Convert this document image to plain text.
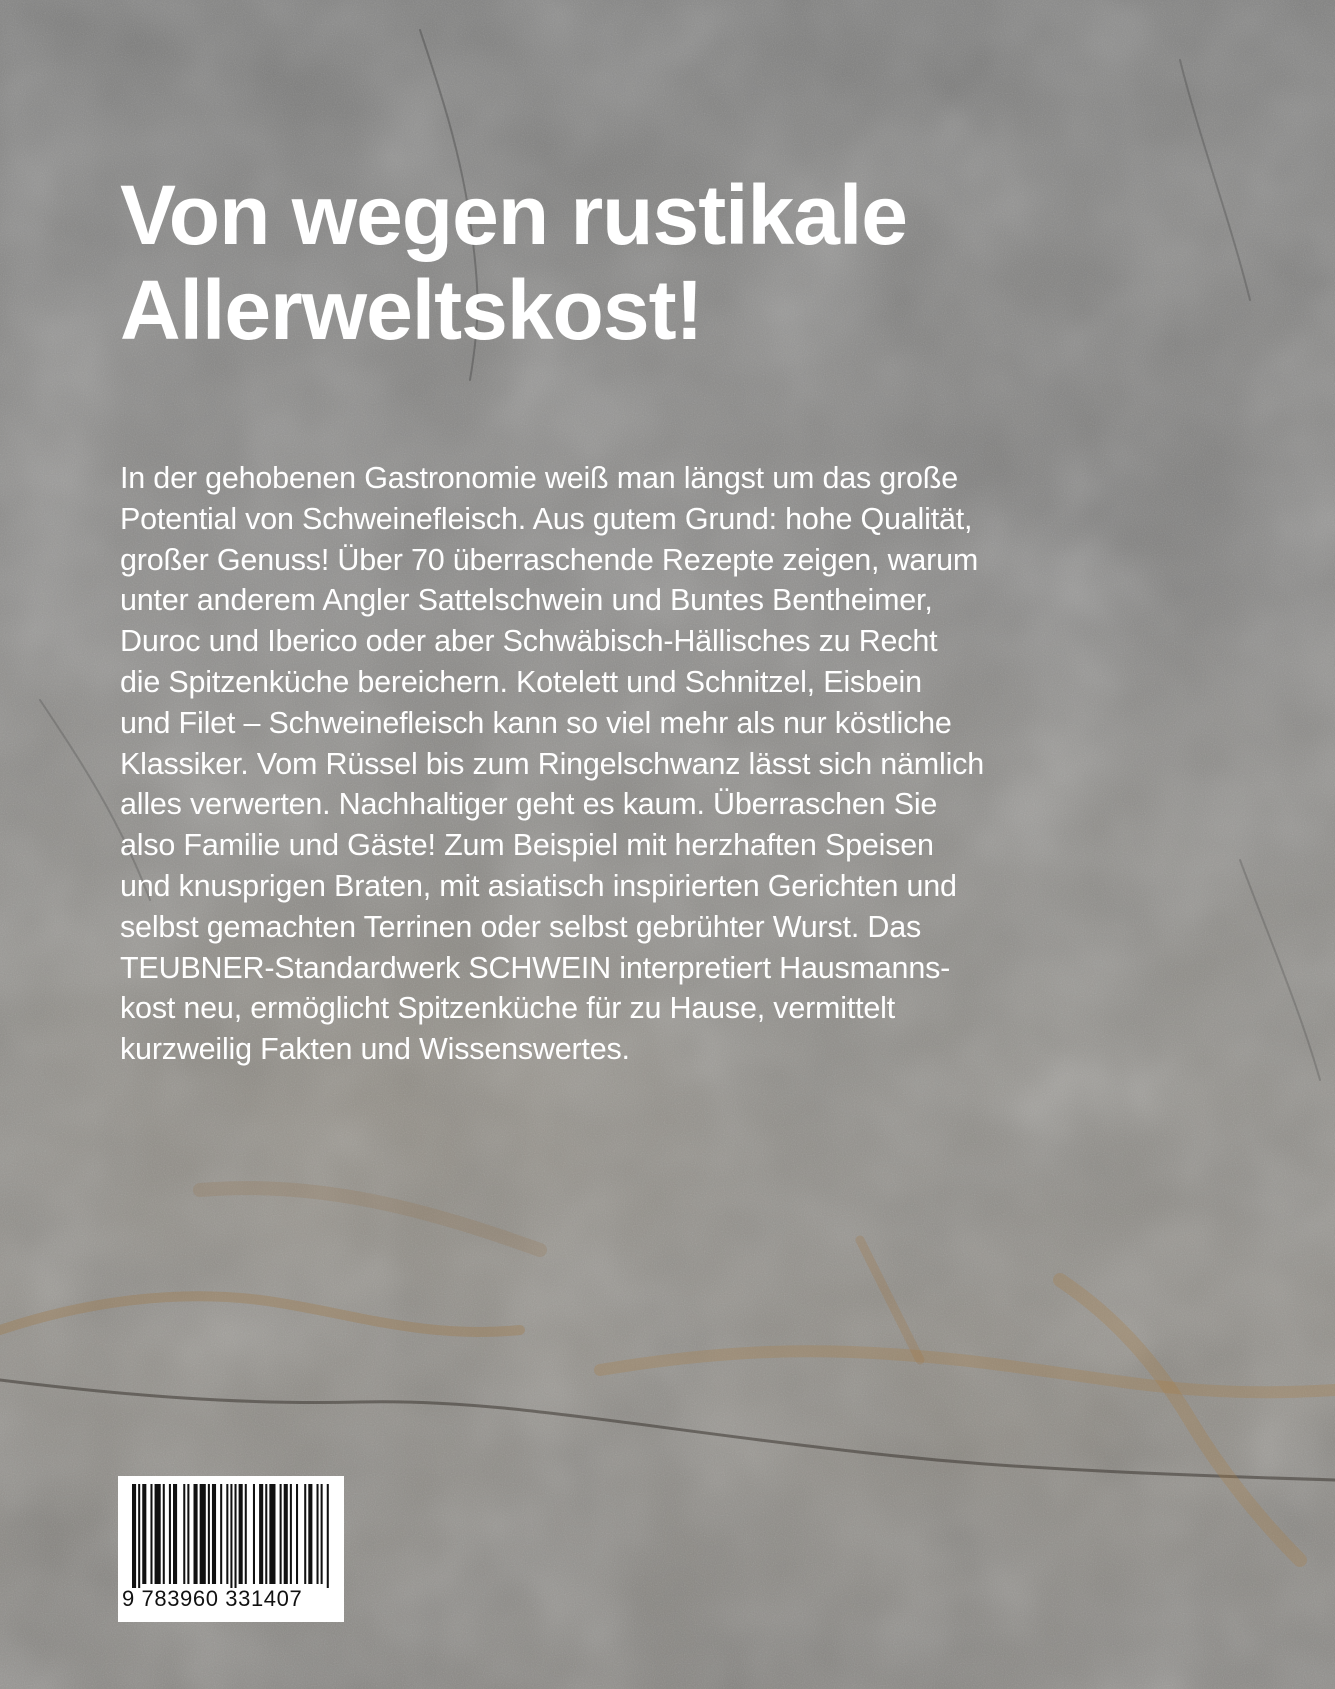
Von wegen rustikale
Allerweltskost!
In der gehobenen Gastronomie weiß man längst um das große
Potential von Schweinefleisch. Aus gutem Grund: hohe Qualität,
großer Genuss! Über 70 überraschende Rezepte zeigen, warum
unter anderem Angler Sattelschwein und Buntes Bentheimer,
Duroc und Iberico oder aber Schwäbisch-Hällisches zu Recht
die Spitzenküche bereichern. Kotelett und Schnitzel, Eisbein
und Filet – Schweinefleisch kann so viel mehr als nur köstliche
Klassiker. Vom Rüssel bis zum Ringelschwanz lässt sich nämlich
alles verwerten. Nachhaltiger geht es kaum. Überraschen Sie
also Familie und Gäste! Zum Beispiel mit herzhaften Speisen
und knusprigen Braten, mit asiatisch inspirierten Gerichten und
selbst gemachten Terrinen oder selbst gebrühter Wurst. Das
TEUBNER-Standardwerk SCHWEIN interpretiert Hausmanns-
kost neu, ermöglicht Spitzenküche für zu Hause, vermittelt
kurzweilig Fakten und Wissenswertes.
9 783960 331407
